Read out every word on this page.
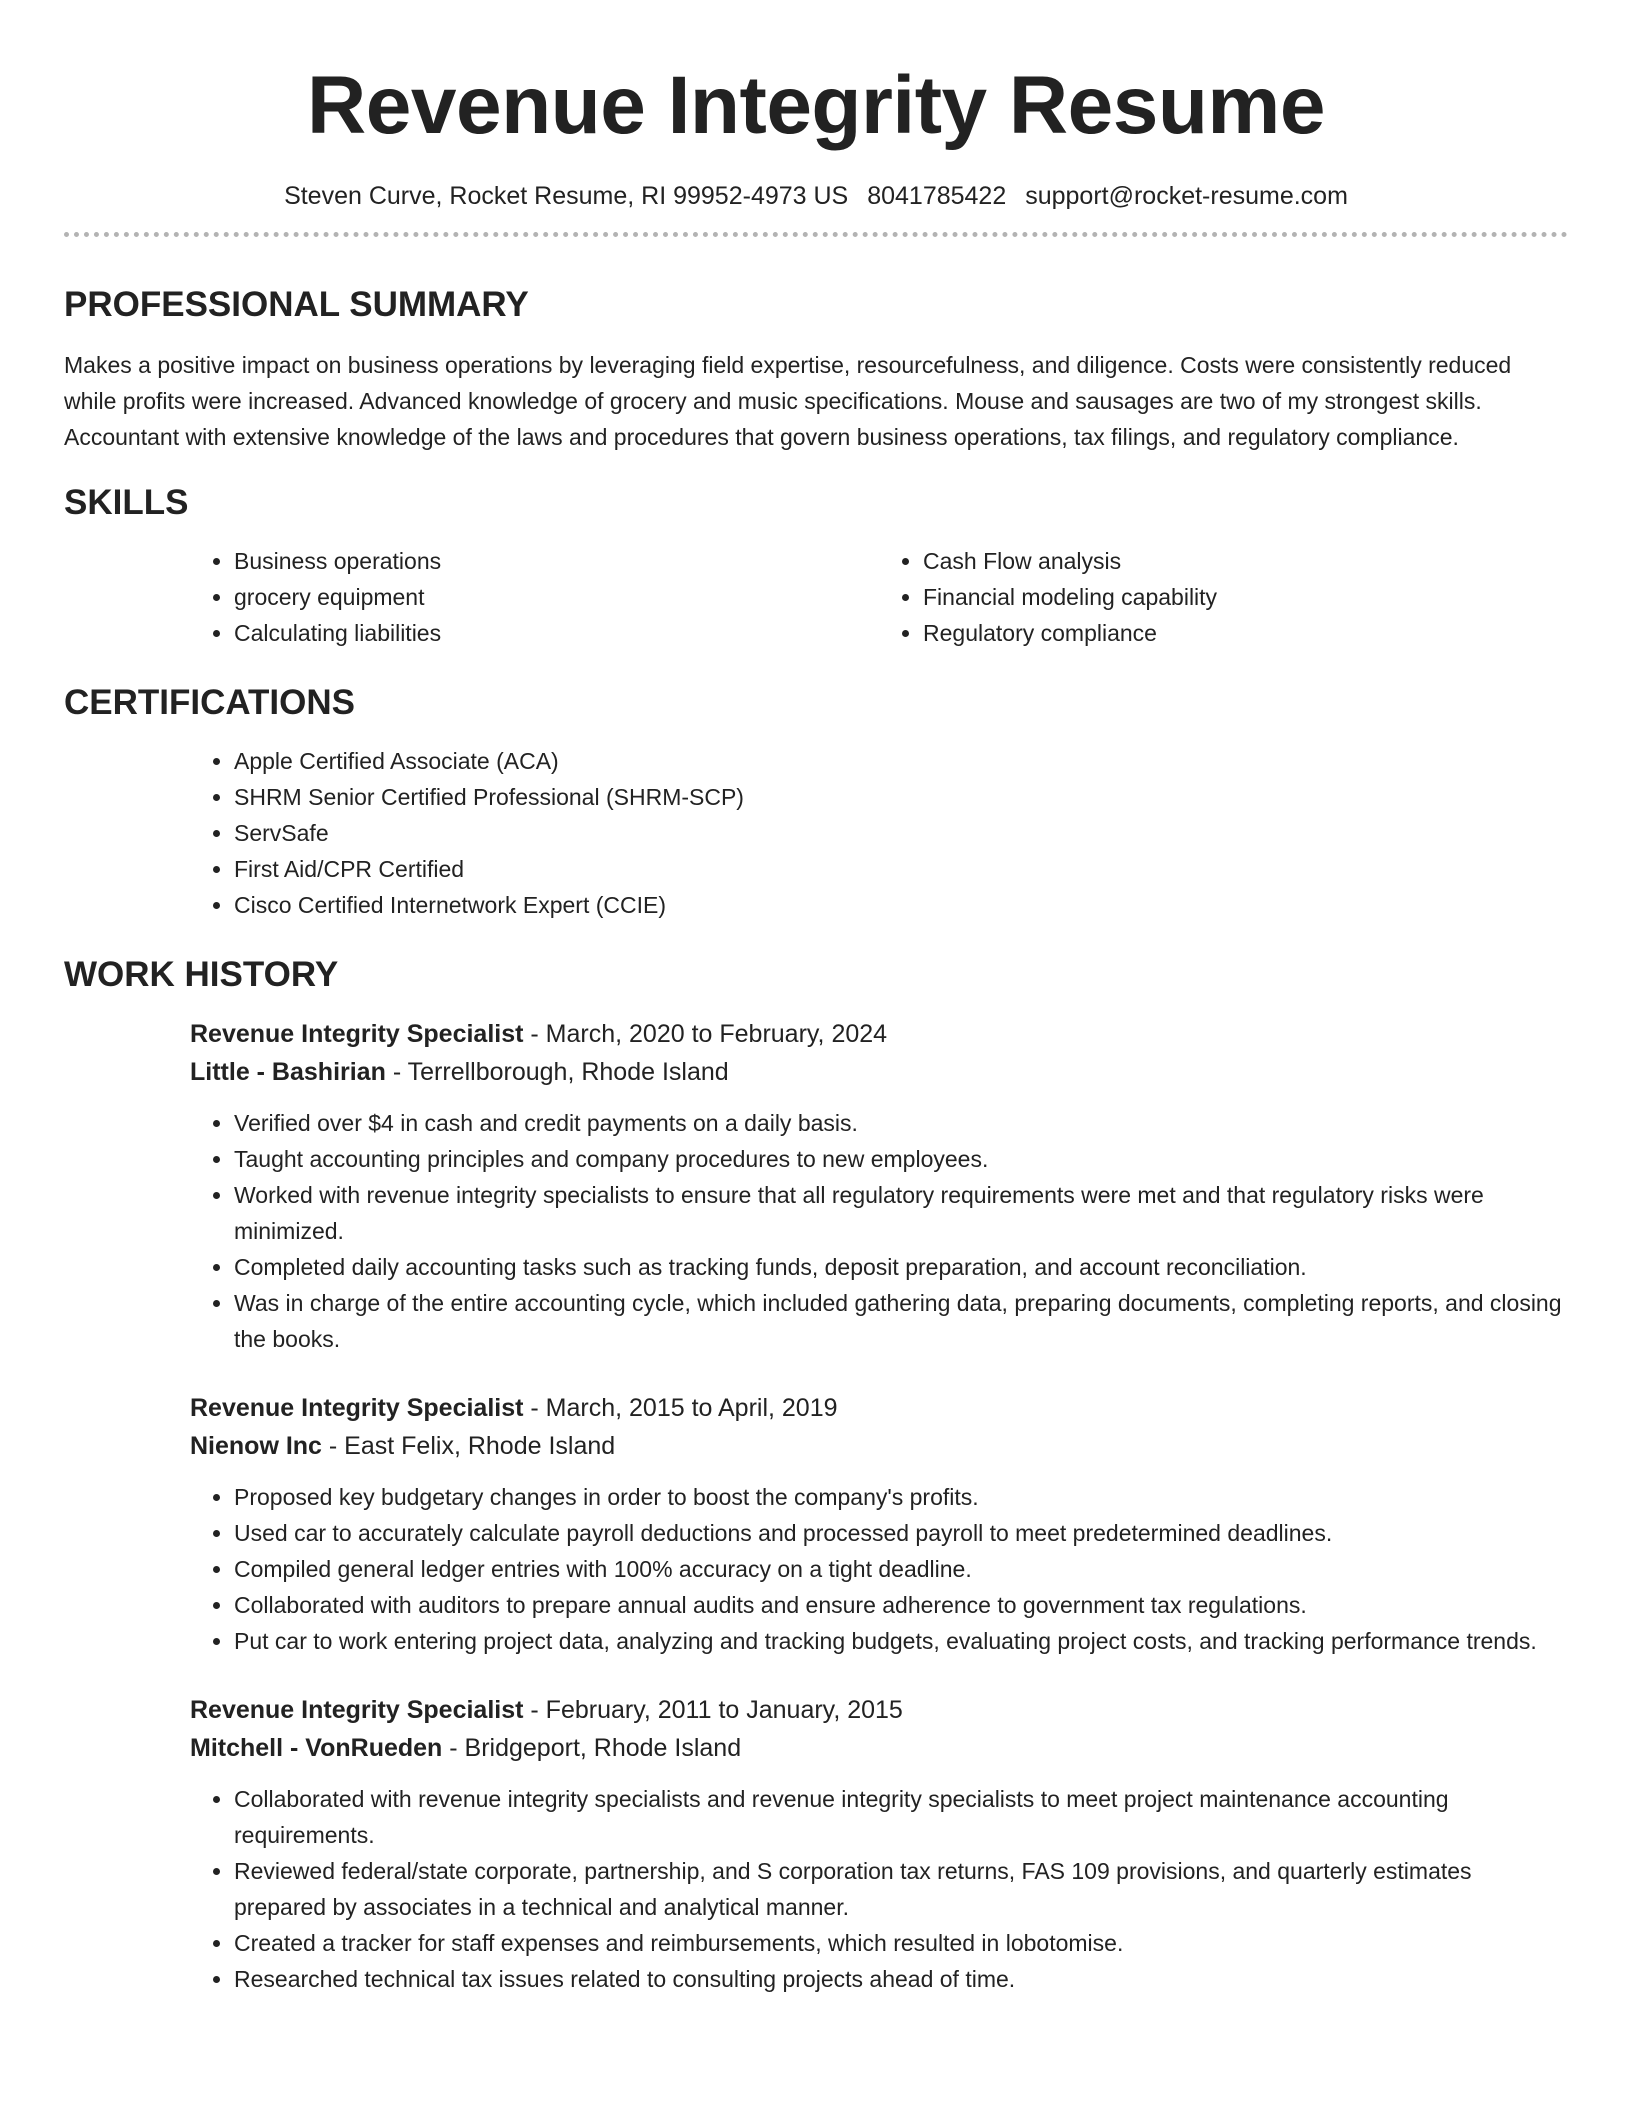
Revenue Integrity Resume
Steven Curve, Rocket Resume, RI 99952-4973 US 8041785422 support@rocket-resume.com
PROFESSIONAL SUMMARY

Makes a positive impact on business operations by leveraging field expertise, resourcefulness, and diligence. Costs were consistently reduced while profits were increased. Advanced knowledge of grocery and music specifications. Mouse and sausages are two of my strongest skills. Accountant with extensive knowledge of the laws and procedures that govern business operations, tax filings, and regulatory compliance.

SKILLS
• Business operations
• grocery equipment
• Calculating liabilities
• Cash Flow analysis
• Financial modeling capability
• Regulatory compliance
CERTIFICATIONS
• Apple Certified Associate (ACA)
• SHRM Senior Certified Professional (SHRM-SCP)
• ServSafe
• First Aid/CPR Certified
• Cisco Certified Internetwork Expert (CCIE)
WORK HISTORY

Revenue Integrity Specialist - March, 2020 to February, 2024

Little - Bashirian - Terrellborough, Rhode Island

• Verified over $4 in cash and credit payments on a daily basis.
• Taught accounting principles and company procedures to new employees.
• Worked with revenue integrity specialists to ensure that all regulatory requirements were met and that regulatory risks were minimized.
• Completed daily accounting tasks such as tracking funds, deposit preparation, and account reconciliation.
• Was in charge of the entire accounting cycle, which included gathering data, preparing documents, completing reports, and closing the books.

Revenue Integrity Specialist - March, 2015 to April, 2019

Nienow Inc - East Felix, Rhode Island

• Proposed key budgetary changes in order to boost the company's profits.
• Used car to accurately calculate payroll deductions and processed payroll to meet predetermined deadlines.
• Compiled general ledger entries with 100% accuracy on a tight deadline.
• Collaborated with auditors to prepare annual audits and ensure adherence to government tax regulations.
• Put car to work entering project data, analyzing and tracking budgets, evaluating project costs, and tracking performance trends.

Revenue Integrity Specialist - February, 2011 to January, 2015

Mitchell - VonRueden - Bridgeport, Rhode Island

• Collaborated with revenue integrity specialists and revenue integrity specialists to meet project maintenance accounting requirements.
• Reviewed federal/state corporate, partnership, and S corporation tax returns, FAS 109 provisions, and quarterly estimates prepared by associates in a technical and analytical manner.
• Created a tracker for staff expenses and reimbursements, which resulted in lobotomise.
• Researched technical tax issues related to consulting projects ahead of time.
